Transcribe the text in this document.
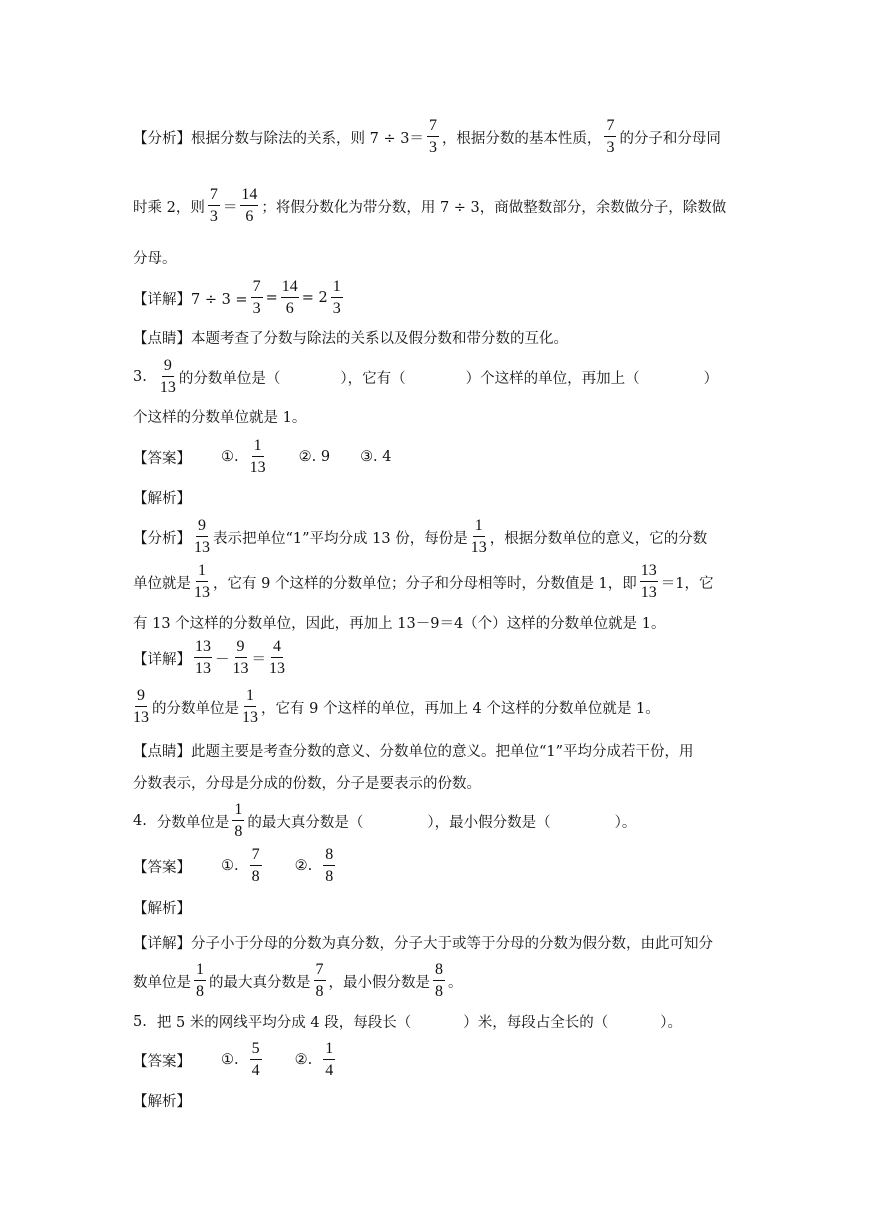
【分析】根据分数与除法的关系，则 $7 \div 3= \frac{7}{3}$ ，根据分数的基本性质， $\frac{7}{3}$ 的分子和分母同
时乘 2，则 $\frac{7}{3} = \frac{14}{6}$ ；将假分数化为带分数，用 7 ÷ 3，商做整数部分，余数做分子，除数做
分母。
【详解】$7 \div 3 = \frac{7}{3} = \frac{14}{6} = 2 \frac{1}{3}$
【点睛】本题考查了分数与除法的关系以及假分数和带分数的互化。
3. $\frac{9}{13}$ 的分数单位是（	），它有（	）个这样的单位，再加上（	）
个这样的分数单位就是 1。
【答案】 ①. $\frac{1}{13}$ ②. 9 ③. 4
【解析】
【分析】 $\frac{9}{13}$ 表示把单位“1”平均分成 13 份，每份是 $\frac{1}{13}$ ，根据分数单位的意义，它的分数
单位就是 $\frac{1}{13}$ ，它有 9 个这样的分数单位；分子和分母相等时，分数值是 1，即 $\frac{13}{13} =1$，它
有 13 个这样的分数单位，因此，再加上 13－9＝4（个）这样的分数单位就是 1。
【详解】 $\frac{13}{13} - \frac{9}{13} = \frac{4}{13}$
$\frac{9}{13}$ 的分数单位是 $\frac{1}{13}$ ，它有 9 个这样的单位，再加上 4 个这样的分数单位就是 1。
【点睛】此题主要是考查分数的意义、分数单位的意义。把单位“1”平均分成若干份，用
分数表示，分母是分成的份数，分子是要表示的份数。
4. 分数单位是 $\frac{1}{8}$ 的最大真分数是（	），最小假分数是（	）。
【答案】 ①. $\frac{7}{8}$ ②. $\frac{8}{8}$
【解析】
【详解】分子小于分母的分数为真分数，分子大于或等于分母的分数为假分数，由此可知分
数单位是 $\frac{1}{8}$ 的最大真分数是 $\frac{7}{8}$ ，最小假分数是 $\frac{8}{8}$ 。
5. 把 5 米的网线平均分成 4 段，每段长（	）米，每段占全长的（	）。
【答案】 ①. $\frac{5}{4}$ ②. $\frac{1}{4}$
【解析】
